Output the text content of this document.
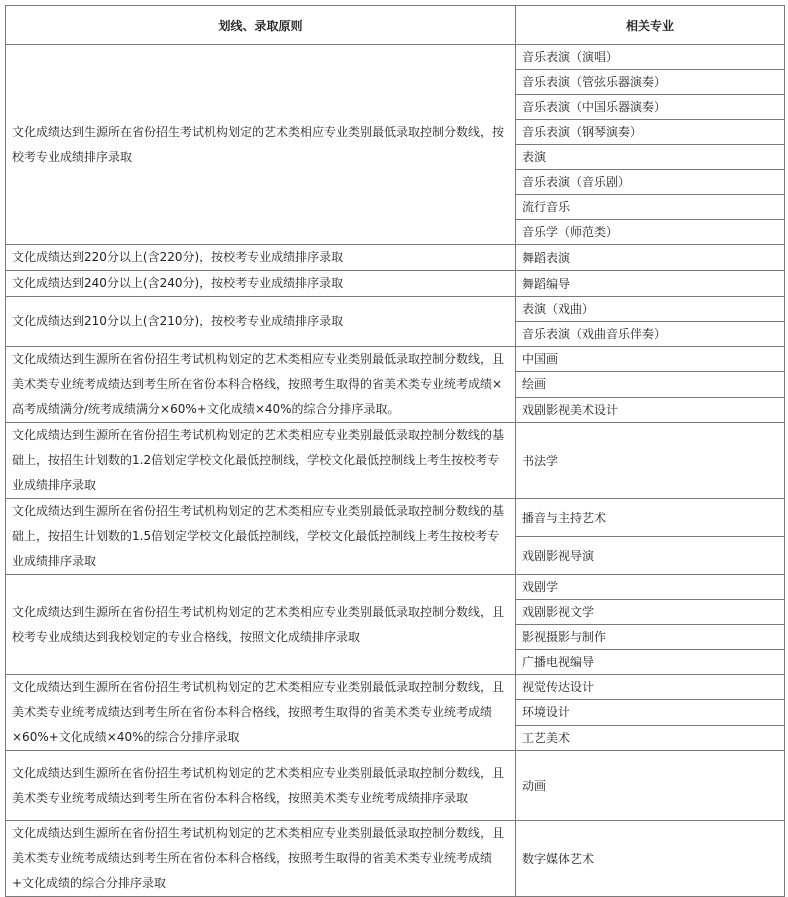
划线、录取原则	相关专业
文化成绩达到生源所在省份招生考试机构划定的艺术类相应专业类别最低录取控制分数线，按校考专业成绩排序录取	音乐表演（演唱）
	音乐表演（管弦乐器演奏）
	音乐表演（中国乐器演奏）
	音乐表演（钢琴演奏）
	表演
	音乐表演（音乐剧）
	流行音乐
	音乐学（师范类）
文化成绩达到220分以上(含220分)，按校考专业成绩排序录取	舞蹈表演
文化成绩达到240分以上(含240分)，按校考专业成绩排序录取	舞蹈编导
文化成绩达到210分以上(含210分)，按校考专业成绩排序录取	表演（戏曲）
	音乐表演（戏曲音乐伴奏）
文化成绩达到生源所在省份招生考试机构划定的艺术类相应专业类别最低录取控制分数线，且美术类专业统考成绩达到考生所在省份本科合格线，按照考生取得的省美术类专业统考成绩×高考成绩满分/统考成绩满分×60%+文化成绩×40%的综合分排序录取。	中国画
	绘画
	戏剧影视美术设计
文化成绩达到生源所在省份招生考试机构划定的艺术类相应专业类别最低录取控制分数线的基础上，按招生计划数的1.2倍划定学校文化最低控制线，学校文化最低控制线上考生按校考专业成绩排序录取	书法学
文化成绩达到生源所在省份招生考试机构划定的艺术类相应专业类别最低录取控制分数线的基础上，按招生计划数的1.5倍划定学校文化最低控制线，学校文化最低控制线上考生按校考专业成绩排序录取	播音与主持艺术
	戏剧影视导演
文化成绩达到生源所在省份招生考试机构划定的艺术类相应专业类别最低录取控制分数线，且校考专业成绩达到我校划定的专业合格线，按照文化成绩排序录取	戏剧学
	戏剧影视文学
	影视摄影与制作
	广播电视编导
文化成绩达到生源所在省份招生考试机构划定的艺术类相应专业类别最低录取控制分数线，且美术类专业统考成绩达到考生所在省份本科合格线，按照考生取得的省美术类专业统考成绩×60%+文化成绩×40%的综合分排序录取	视觉传达设计
	环境设计
	工艺美术
文化成绩达到生源所在省份招生考试机构划定的艺术类相应专业类别最低录取控制分数线，且美术类专业统考成绩达到考生所在省份本科合格线，按照美术类专业统考成绩排序录取	动画
文化成绩达到生源所在省份招生考试机构划定的艺术类相应专业类别最低录取控制分数线，且美术类专业统考成绩达到考生所在省份本科合格线，按照考生取得的省美术类专业统考成绩+文化成绩的综合分排序录取	数字媒体艺术
